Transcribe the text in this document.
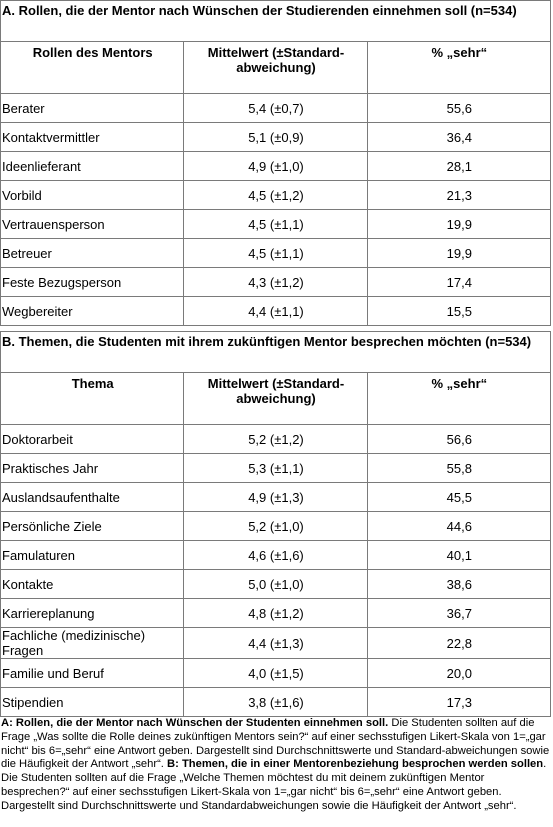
A. Rollen, die der Mentor nach Wünschen der Studierenden einnehmen soll (n=534)		
Rollen des Mentors	Mittelwert (±Standard-abweichung)	% „sehr“
Berater	5,4 (±0,7)	55,6
Kontaktvermittler	5,1 (±0,9)	36,4
Ideenlieferant	4,9 (±1,0)	28,1
Vorbild	4,5 (±1,2)	21,3
Vertrauensperson	4,5 (±1,1)	19,9
Betreuer	4,5 (±1,1)	19,9
Feste Bezugsperson	4,3 (±1,2)	17,4
Wegbereiter	4,4 (±1,1)	15,5
B. Themen, die Studenten mit ihrem zukünftigen Mentor besprechen möchten (n=534)		
Thema	Mittelwert (±Standard-abweichung)	% „sehr“
Doktorarbeit	5,2 (±1,2)	56,6
Praktisches Jahr	5,3 (±1,1)	55,8
Auslandsaufenthalte	4,9 (±1,3)	45,5
Persönliche Ziele	5,2 (±1,0)	44,6
Famulaturen	4,6 (±1,6)	40,1
Kontakte	5,0 (±1,0)	38,6
Karriereplanung	4,8 (±1,2)	36,7
Fachliche (medizinische) Fragen	4,4 (±1,3)	22,8
Familie und Beruf	4,0 (±1,5)	20,0
Stipendien	3,8 (±1,6)	17,3
A: Rollen, die der Mentor nach Wünschen der Studenten einnehmen soll. Die Studenten sollten auf die Frage „Was sollte die Rolle deines zukünftigen Mentors sein?“ auf einer sechsstufigen Likert-Skala von 1=„gar nicht“ bis 6=„sehr“ eine Antwort geben. Dargestellt sind Durchschnittswerte und Standard-abweichungen sowie die Häufigkeit der Antwort „sehr“. B: Themen, die in einer Mentorenbeziehung besprochen werden sollen. Die Studenten sollten auf die Frage „Welche Themen möchtest du mit deinem zukünftigen Mentor besprechen?“ auf einer sechsstufigen Likert-Skala von 1=„gar nicht“ bis 6=„sehr“ eine Antwort geben. Dargestellt sind Durchschnittswerte und Standardabweichungen sowie die Häufigkeit der Antwort „sehr“.
